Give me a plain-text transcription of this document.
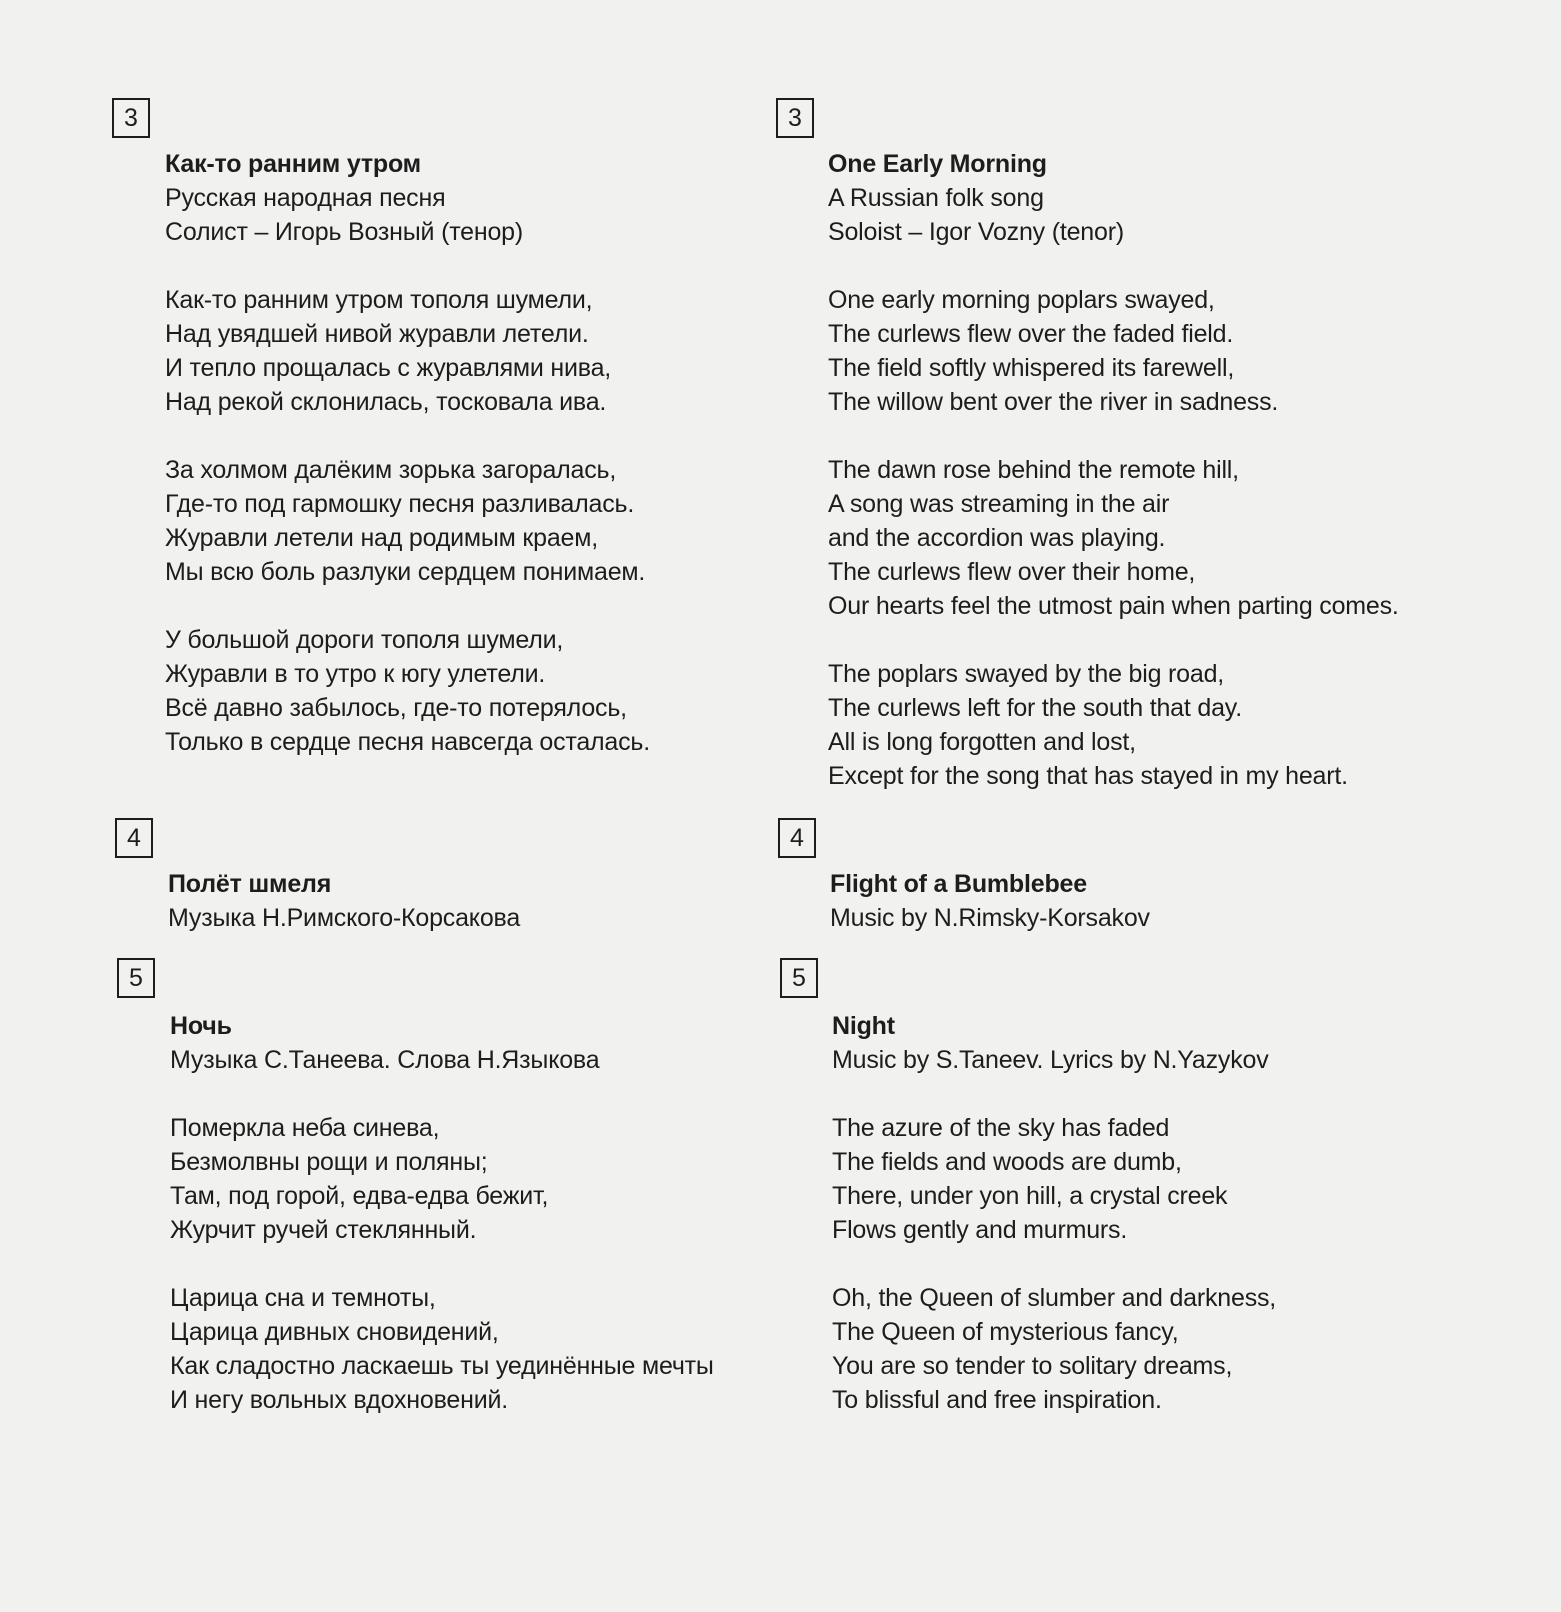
3	3
Как-то ранним утром
Русская народная песня
Солист – Игорь Возный (тенор)
Как-то ранним утром тополя шумели,
Над увядшей нивой журавли летели.
И тепло прощалась с журавлями нива,
Над рекой склонилась, тосковала ива.
За холмом далёким зорька загоралась,
Где-то под гармошку песня разливалась.
Журавли летели над родимым краем,
Мы всю боль разлуки сердцем понимаем.
У большой дороги тополя шумели,
Журавли в то утро к югу улетели.
Всё давно забылось, где-то потерялось,
Только в сердце песня навсегда осталась.
One Early Morning
A Russian folk song
Soloist – Igor Vozny (tenor)
One early morning poplars swayed,
The curlews flew over the faded field.
The field softly whispered its farewell,
The willow bent over the river in sadness.
The dawn rose behind the remote hill,
A song was streaming in the air
and the accordion was playing.
The curlews flew over their home,
Our hearts feel the utmost pain when parting comes.
The poplars swayed by the big road,
The curlews left for the south that day.
All is long forgotten and lost,
Except for the song that has stayed in my heart.
4	4
Полёт шмеля
Музыка Н.Римского-Корсакова
Flight of a Bumblebee
Music by N.Rimsky-Korsakov
5	5
Ночь
Музыка С.Танеева. Слова Н.Языкова
Померкла неба синева,
Безмолвны рощи и поляны;
Там, под горой, едва-едва бежит,
Журчит ручей стеклянный.
Царица сна и темноты,
Царица дивных сновидений,
Как сладостно ласкаешь ты уединённые мечты
И негу вольных вдохновений.
Night
Music by S.Taneev. Lyrics by N.Yazykov
The azure of the sky has faded
The fields and woods are dumb,
There, under yon hill, a crystal creek
Flows gently and murmurs.
Oh, the Queen of slumber and darkness,
The Queen of mysterious fancy,
You are so tender to solitary dreams,
To blissful and free inspiration.
